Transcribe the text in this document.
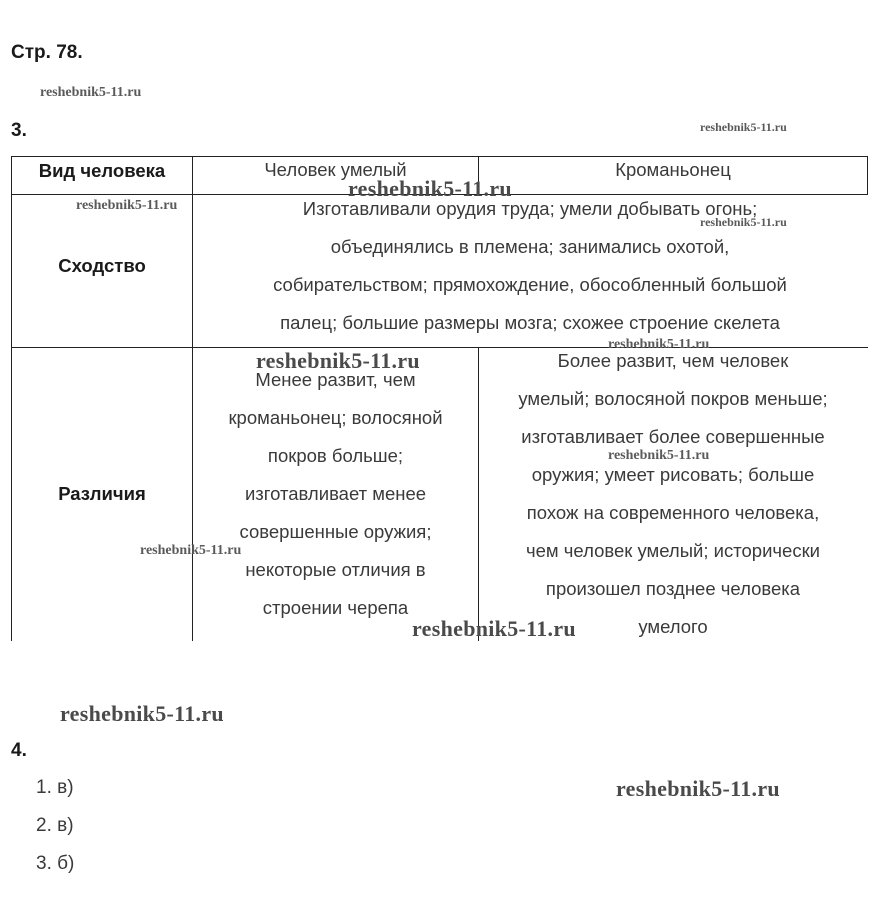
Стр. 78.
reshebnik5-11.ru
reshebnik5-11.ru
3.
Вид человека	Человек умелый	Кроманьонец
Сходство
Изготавливали орудия труда; умели добывать огонь;
объединялись в племена; занимались охотой,
собирательством; прямохождение, обособленный большой
палец; большие размеры мозга; схожее строение скелета
Различия
Менее развит, чем
кроманьонец; волосяной
покров больше;
изготавливает менее
совершенные оружия;
некоторые отличия в
строении черепа
Более развит, чем человек
умелый; волосяной покров меньше;
изготавливает более совершенные
оружия; умеет рисовать; больше
похож на современного человека,
чем человек умелый; исторически
произошел позднее человека
умелого
reshebnik5-11.ru
reshebnik5-11.ru
reshebnik5-11.ru
reshebnik5-11.ru
reshebnik5-11.ru
reshebnik5-11.ru
reshebnik5-11.ru
reshebnik5-11.ru
reshebnik5-11.ru
4.
reshebnik5-11.ru
1. в)
2. в)
3. б)
